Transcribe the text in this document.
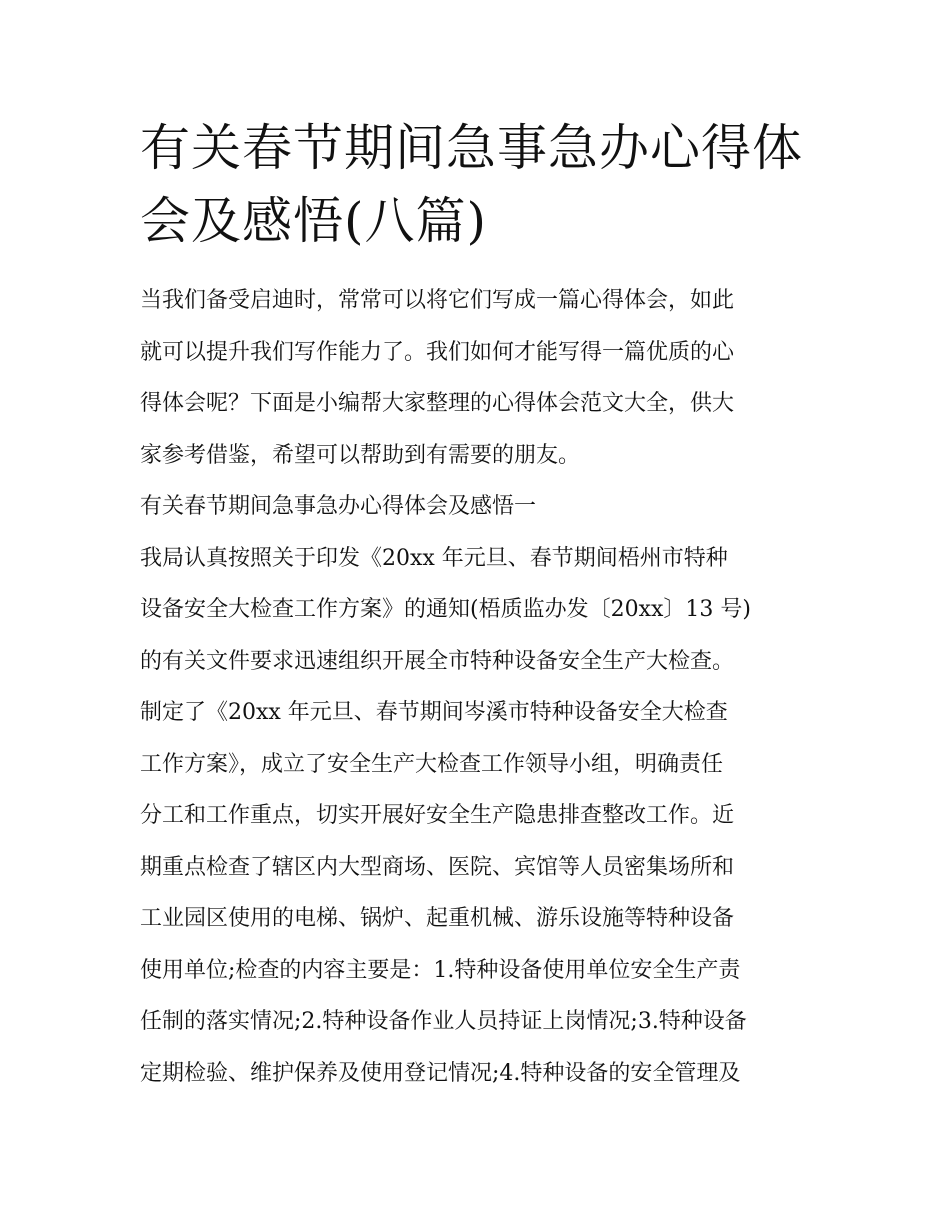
有关春节期间急事急办心得体
会及感悟(八篇)
当我们备受启迪时，常常可以将它们写成一篇心得体会，如此
就可以提升我们写作能力了。我们如何才能写得一篇优质的心
得体会呢？下面是小编帮大家整理的心得体会范文大全，供大
家参考借鉴，希望可以帮助到有需要的朋友。
有关春节期间急事急办心得体会及感悟一
我局认真按照关于印发《20xx 年元旦、春节期间梧州市特种
设备安全大检查工作方案》的通知(梧质监办发〔20xx〕13 号)
的有关文件要求迅速组织开展全市特种设备安全生产大检查。
制定了《20xx 年元旦、春节期间岑溪市特种设备安全大检查
工作方案》，成立了安全生产大检查工作领导小组，明确责任
分工和工作重点，切实开展好安全生产隐患排查整改工作。近
期重点检查了辖区内大型商场、医院、宾馆等人员密集场所和
工业园区使用的电梯、锅炉、起重机械、游乐设施等特种设备
使用单位;检查的内容主要是：1.特种设备使用单位安全生产责
任制的落实情况;2.特种设备作业人员持证上岗情况;3.特种设备
定期检验、维护保养及使用登记情况;4.特种设备的安全管理及
